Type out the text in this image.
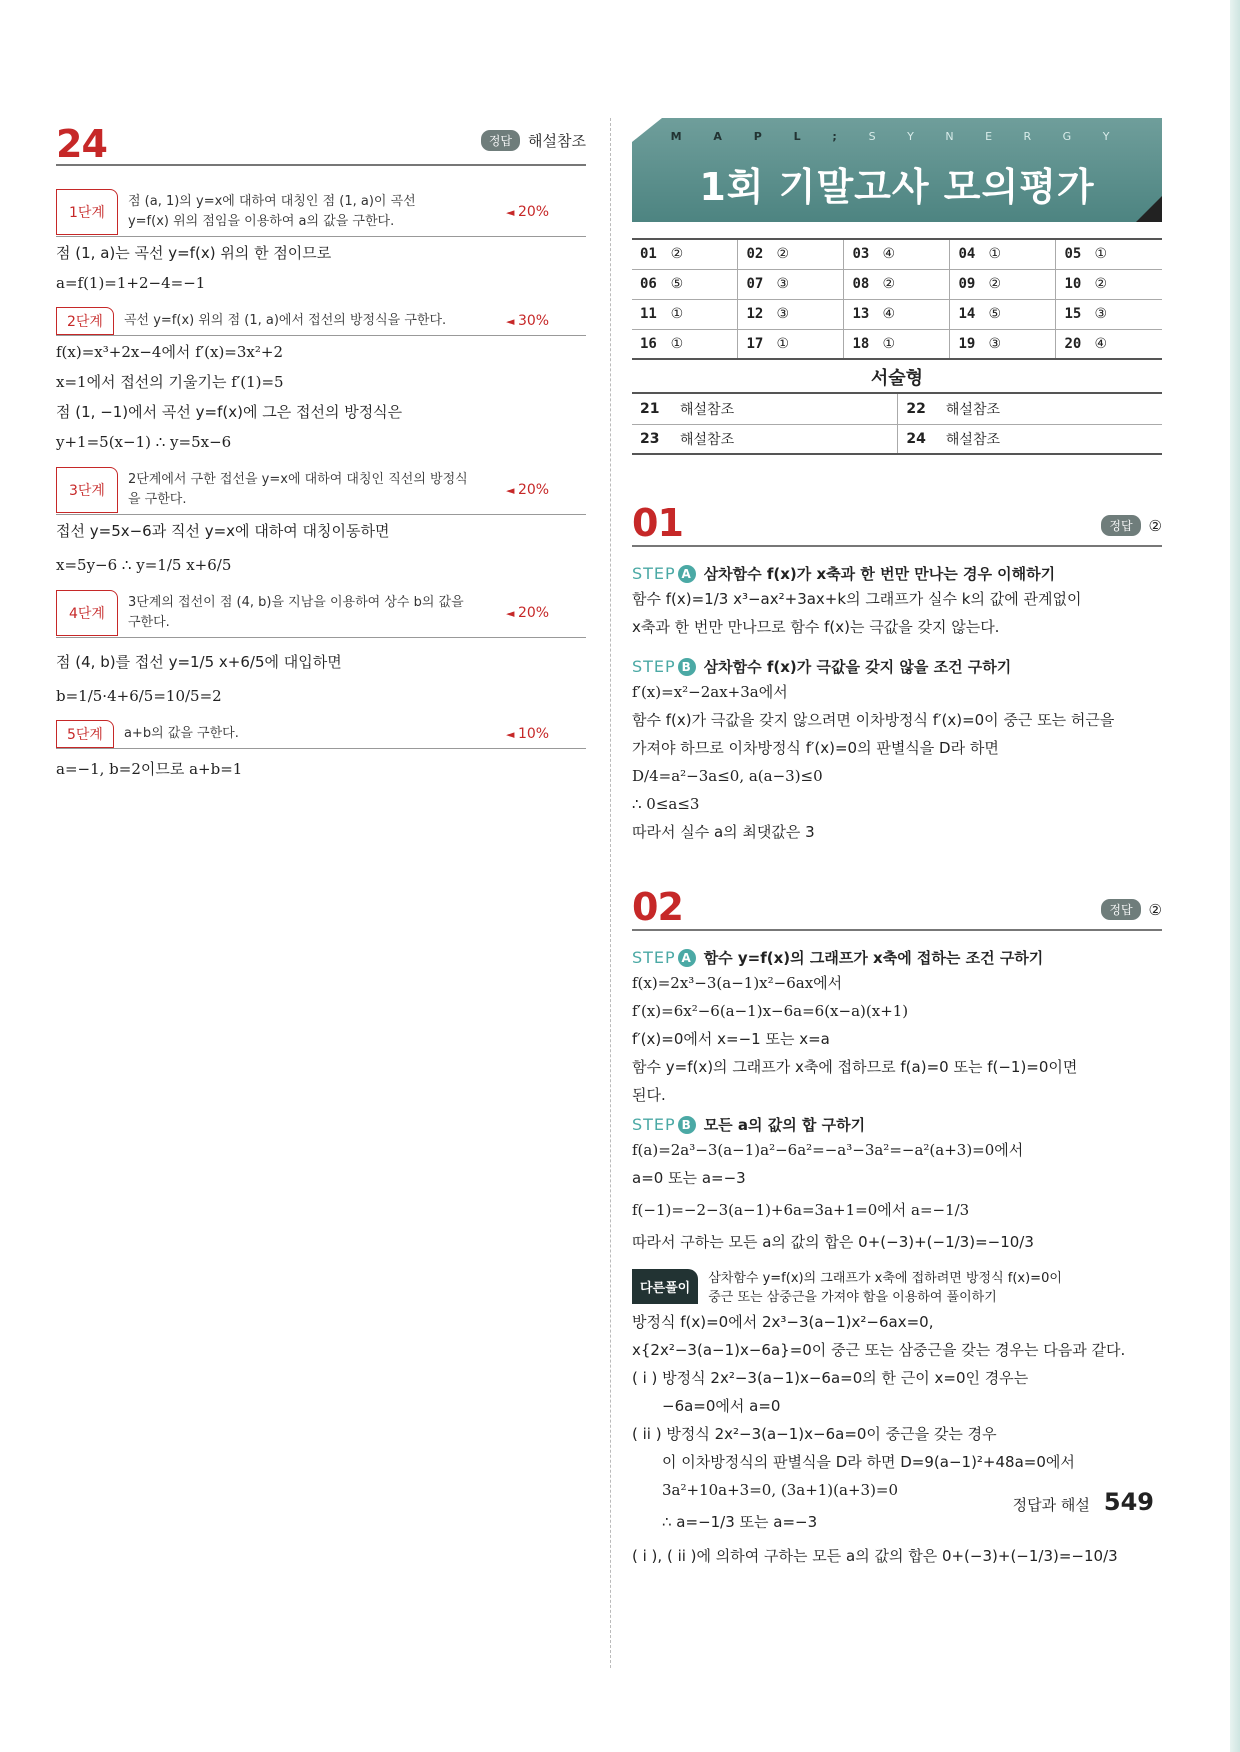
24	정답	해설참조
1단계
점 (a, 1)의 y=x에 대하여 대칭인 점 (1, a)이 곡선
y=f(x) 위의 점임을 이용하여 a의 값을 구한다.
◄ 20%
점 (1, a)는 곡선 y=f(x) 위의 한 점이므로
a=f(1)=1+2−4=−1
2단계	곡선 y=f(x) 위의 점 (1, a)에서 접선의 방정식을 구한다.	◄ 30%
f(x)=x³+2x−4에서 f′(x)=3x²+2
x=1에서 접선의 기울기는 f′(1)=5
점 (1, −1)에서 곡선 y=f(x)에 그은 접선의 방정식은
y+1=5(x−1) ∴ y=5x−6
3단계
2단계에서 구한 접선을 y=x에 대하여 대칭인 직선의 방정식
을 구한다.
◄ 20%
접선 y=5x−6과 직선 y=x에 대하여 대칭이동하면
x=5y−6 ∴ y=1/5 x+6/5
4단계
3단계의 접선이 점 (4, b)을 지남을 이용하여 상수 b의 값을
구한다.
◄ 20%
점 (4, b)를 접선 y=1/5 x+6/5에 대입하면
b=1/5·4+6/5=10/5=2
5단계	a+b의 값을 구한다.	◄ 10%
a=−1, b=2이므로 a+b=1
M A P L ; S Y N E R G Y
1회 기말고사 모의평가
01	②	02	②	03	④	04	①	05	①
06	⑤	07	③	08	②	09	②	10	②
11	①	12	③	13	④	14	⑤	15	③
16	①	17	①	18	①	19	③	20	④
서술형
21	해설참조	22	해설참조
23	해설참조	24	해설참조
01	정답	②
STEP A 삼차함수 f(x)가 x축과 한 번만 만나는 경우 이해하기
함수 f(x)=1/3 x³−ax²+3ax+k의 그래프가 실수 k의 값에 관계없이
x축과 한 번만 만나므로 함수 f(x)는 극값을 갖지 않는다.
STEP B 삼차함수 f(x)가 극값을 갖지 않을 조건 구하기
f′(x)=x²−2ax+3a에서
함수 f(x)가 극값을 갖지 않으려면 이차방정식 f′(x)=0이 중근 또는 허근을
가져야 하므로 이차방정식 f′(x)=0의 판별식을 D라 하면
D/4=a²−3a≤0, a(a−3)≤0
∴ 0≤a≤3
따라서 실수 a의 최댓값은 3
02	정답	②
STEP A 함수 y=f(x)의 그래프가 x축에 접하는 조건 구하기
f(x)=2x³−3(a−1)x²−6ax에서
f′(x)=6x²−6(a−1)x−6a=6(x−a)(x+1)
f′(x)=0에서 x=−1 또는 x=a
함수 y=f(x)의 그래프가 x축에 접하므로 f(a)=0 또는 f(−1)=0이면
된다.
STEP B 모든 a의 값의 합 구하기
f(a)=2a³−3(a−1)a²−6a²=−a³−3a²=−a²(a+3)=0에서
a=0 또는 a=−3
f(−1)=−2−3(a−1)+6a=3a+1=0에서 a=−1/3
따라서 구하는 모든 a의 값의 합은 0+(−3)+(−1/3)=−10/3
다른풀이
삼차함수 y=f(x)의 그래프가 x축에 접하려면 방정식 f(x)=0이
중근 또는 삼중근을 가져야 함을 이용하여 풀이하기
방정식 f(x)=0에서 2x³−3(a−1)x²−6ax=0,
x{2x²−3(a−1)x−6a}=0이 중근 또는 삼중근을 갖는 경우는 다음과 같다.
( i ) 방정식 2x²−3(a−1)x−6a=0의 한 근이 x=0인 경우는
−6a=0에서 a=0
( ii ) 방정식 2x²−3(a−1)x−6a=0이 중근을 갖는 경우
이 이차방정식의 판별식을 D라 하면 D=9(a−1)²+48a=0에서
3a²+10a+3=0, (3a+1)(a+3)=0
∴ a=−1/3 또는 a=−3
( i ), ( ii )에 의하여 구하는 모든 a의 값의 합은 0+(−3)+(−1/3)=−10/3
정답과 해설 549
